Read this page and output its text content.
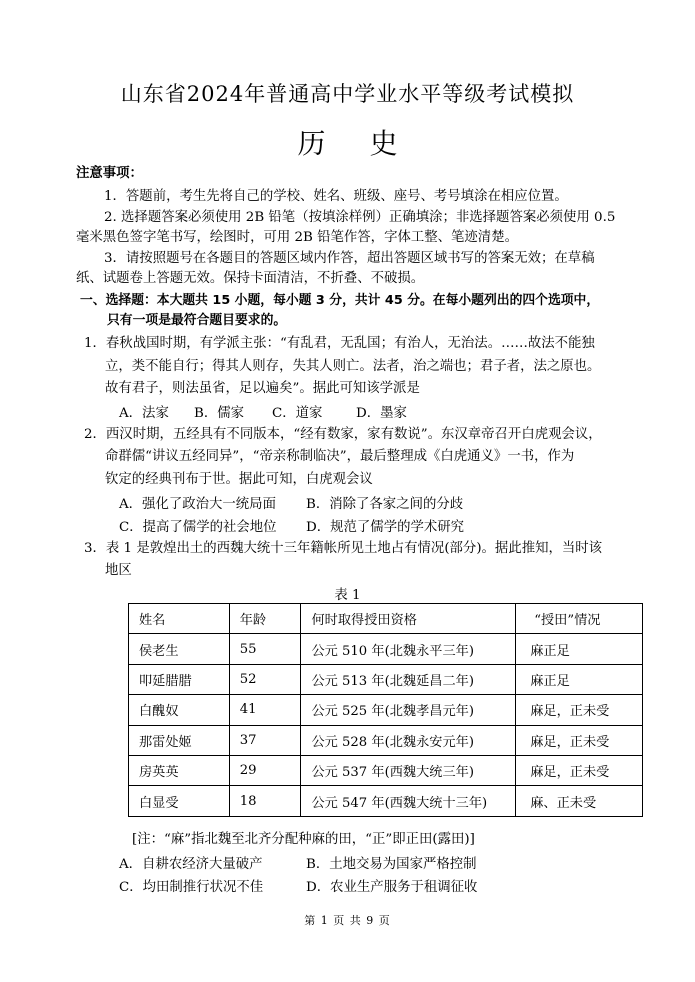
山东省2024年普通高中学业水平等级考试模拟
历史
注意事项：
1．答题前，考生先将自己的学校、姓名、班级、座号、考号填涂在相应位置。
2. 选择题答案必须使用 2B 铅笔（按填涂样例）正确填涂；非选择题答案必须使用 0.5
毫米黑色签字笔书写，绘图时，可用 2B 铅笔作答，字体工整、笔迹清楚。
3．请按照题号在各题目的答题区域内作答，超出答题区域书写的答案无效；在草稿
纸、试题卷上答题无效。保持卡面清洁，不折叠、不破损。
一、选择题：本大题共 15 小题，每小题 3 分，共计 45 分。在每小题列出的四个选项中，
只有一项是最符合题目要求的。
1．春秋战国时期，有学派主张：“有乱君，无乱国；有治人，无治法。……故法不能独
立，类不能自行；得其人则存，失其人则亡。法者，治之端也；君子者，法之原也。
故有君子，则法虽省，足以遍矣”。据此可知该学派是
A．法家 B．儒家 C．道家	D．墨家
2．西汉时期，五经具有不同版本，“经有数家，家有数说”。东汉章帝召开白虎观会议，
命群儒“讲议五经同异”，“帝亲称制临决”，最后整理成《白虎通义》一书，作为
钦定的经典刊布于世。据此可知，白虎观会议
A．强化了政治大一统局面 B．消除了各家之间的分歧
C．提高了儒学的社会地位 D．规范了儒学的学术研究
3．表 1 是敦煌出土的西魏大统十三年籍帐所见土地占有情况(部分)。据此推知，当时该
地区
表 1
姓名	年龄	何时取得授田资格	“授田”情况
侯老生	55	公元 510 年(北魏永平三年)	麻正足
叩延腊腊	52	公元 513 年(北魏延昌二年)	麻正足
白醜奴	41	公元 525 年(北魏孝昌元年)	麻足，正未受
那雷处姬	37	公元 528 年(北魏永安元年)	麻足，正未受
房英英	29	公元 537 年(西魏大统三年)	麻足，正未受
白显受	18	公元 547 年(西魏大统十三年)	麻、正未受
[注：“麻”指北魏至北齐分配种麻的田，“正”即正田(露田)]
A．自耕农经济大量破产	B．土地交易为国家严格控制
C．均田制推行状况不佳	D．农业生产服务于租调征收
第 1 页 共 9 页
